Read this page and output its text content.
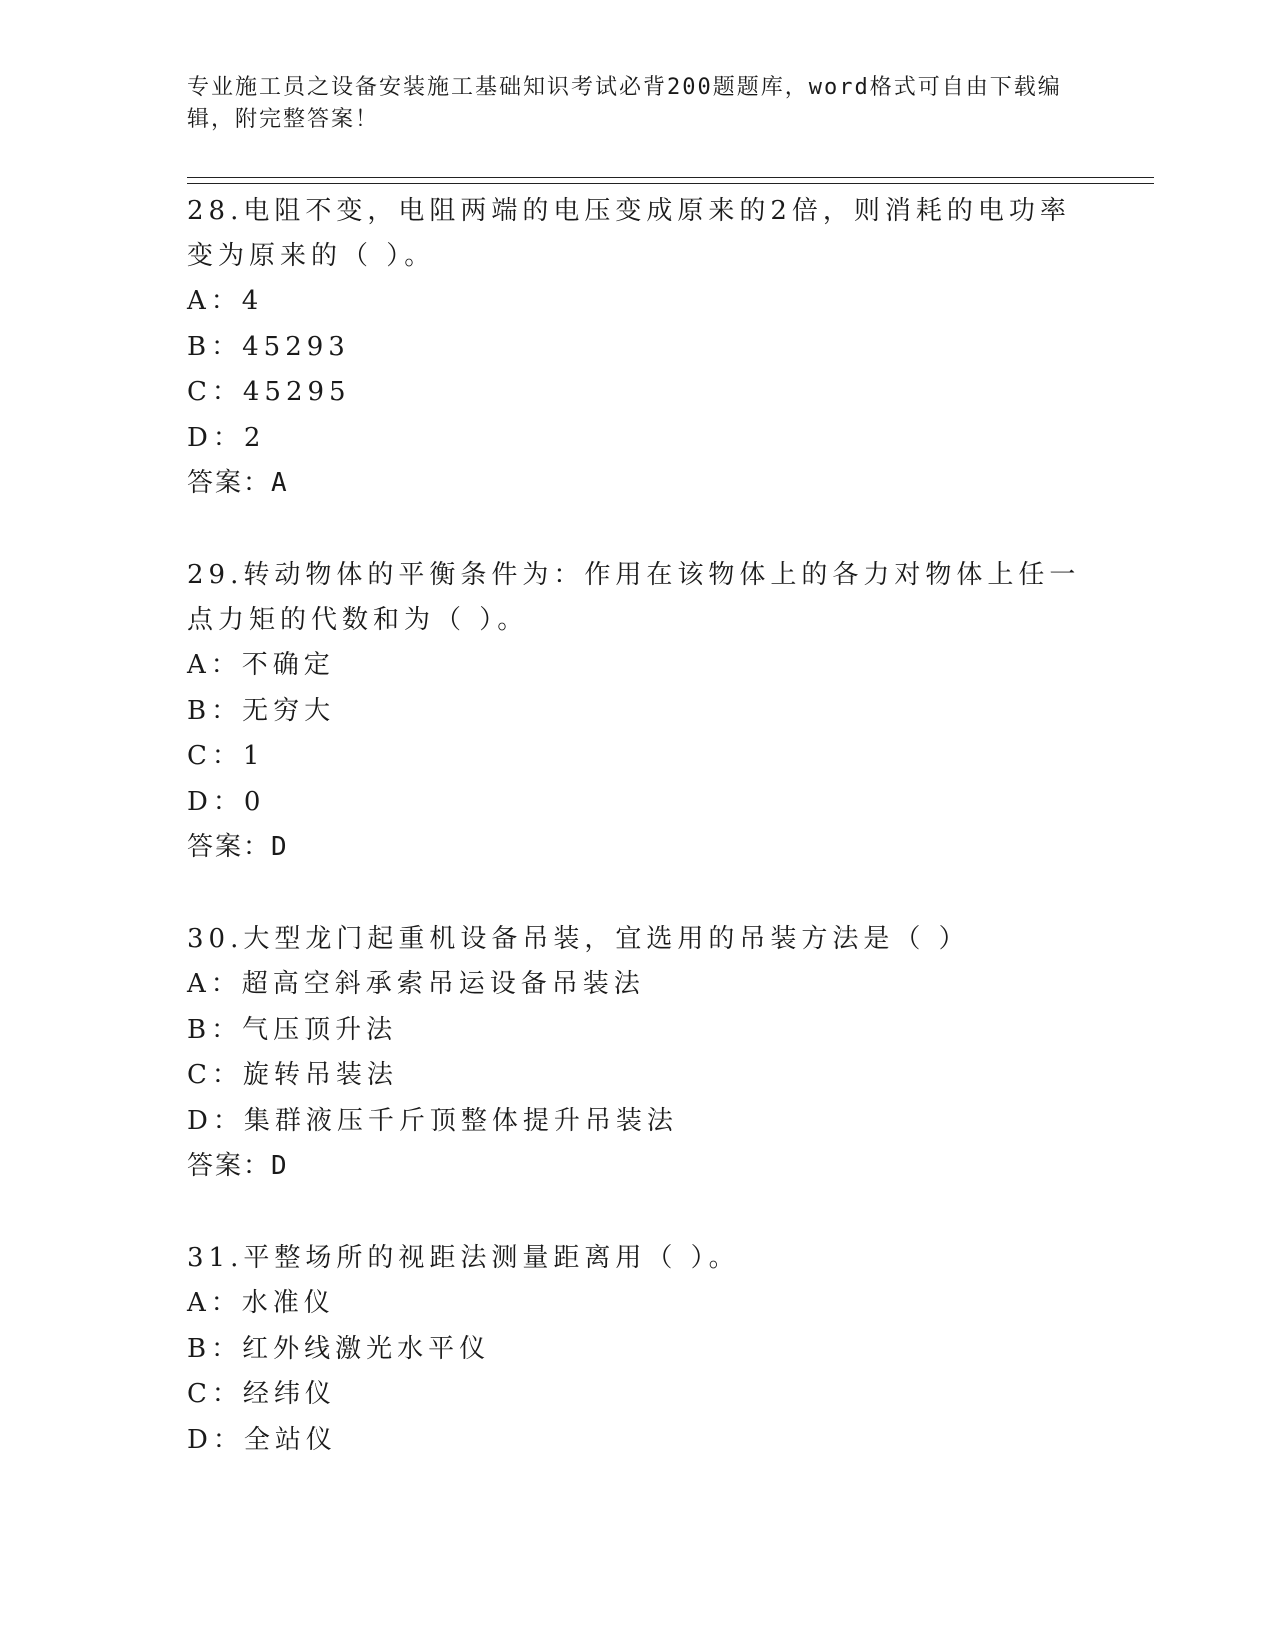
专业施工员之设备安装施工基础知识考试必背200题题库，word格式可自由下载编辑，附完整答案！

28.电阻不变，电阻两端的电压变成原来的2倍，则消耗的电功率变为原来的（ ）。

A：4

B：45293

C：45295

D：2

答案：A

29.转动物体的平衡条件为：作用在该物体上的各力对物体上任一点力矩的代数和为（ ）。

A：不确定

B：无穷大

C：1

D：0

答案：D

30.大型龙门起重机设备吊装，宜选用的吊装方法是（ ）

A：超高空斜承索吊运设备吊装法

B：气压顶升法

C：旋转吊装法

D：集群液压千斤顶整体提升吊装法

答案：D

31.平整场所的视距法测量距离用（ ）。

A：水准仪

B：红外线激光水平仪

C：经纬仪

D：全站仪
